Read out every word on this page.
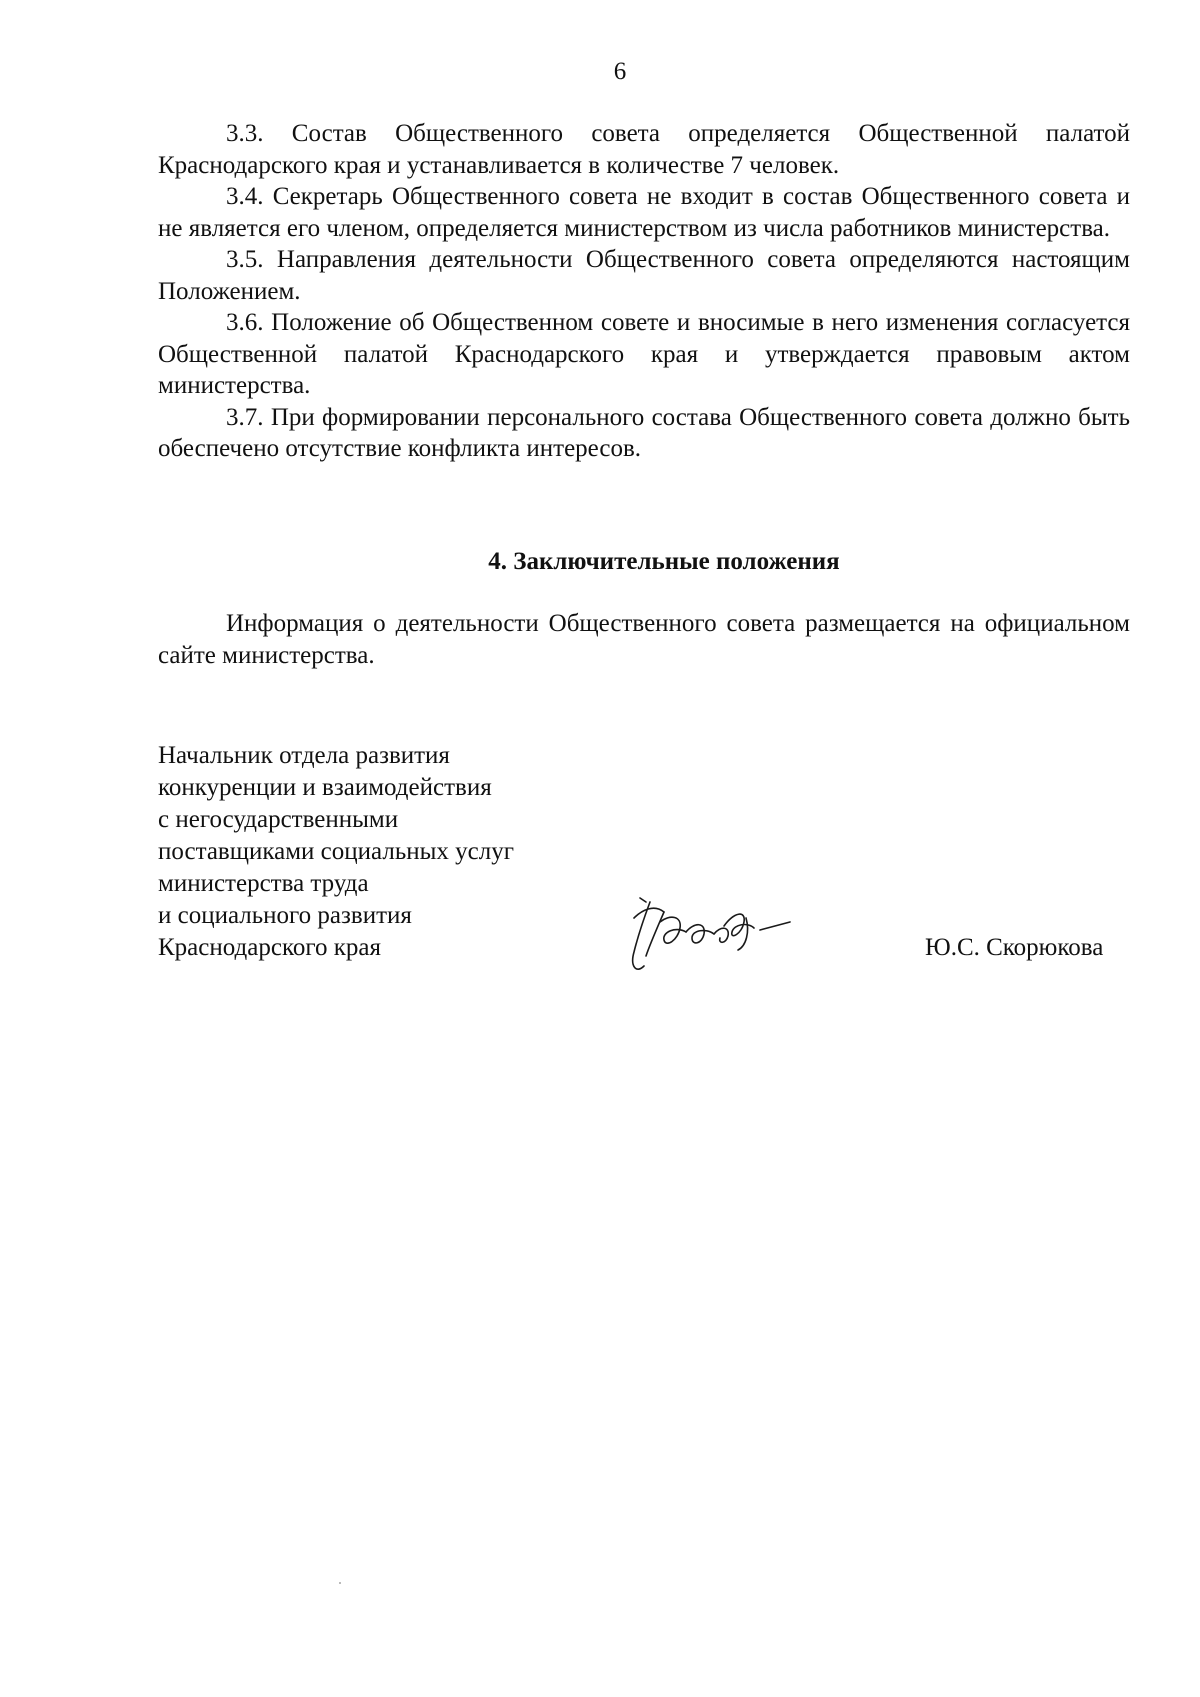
6

3.3. Состав Общественного совета определяется Общественной палатой Краснодарского края и устанавливается в количестве 7 человек.

3.4. Секретарь Общественного совета не входит в состав Общественного совета и не является его членом, определяется министерством из числа работников министерства.

3.5. Направления деятельности Общественного совета определяются настоящим Положением.

3.6. Положение об Общественном совете и вносимые в него изменения согласуется Общественной палатой Краснодарского края и утверждается правовым актом министерства.

3.7. При формировании персонального состава Общественного совета должно быть обеспечено отсутствие конфликта интересов.

4. Заключительные положения

Информация о деятельности Общественного совета размещается на официальном сайте министерства.

Начальник отдела развития
конкуренции и взаимодействия
с негосударственными
поставщиками социальных услуг
министерства труда
и социального развития
Краснодарского края	Ю.С. Скорюкова
